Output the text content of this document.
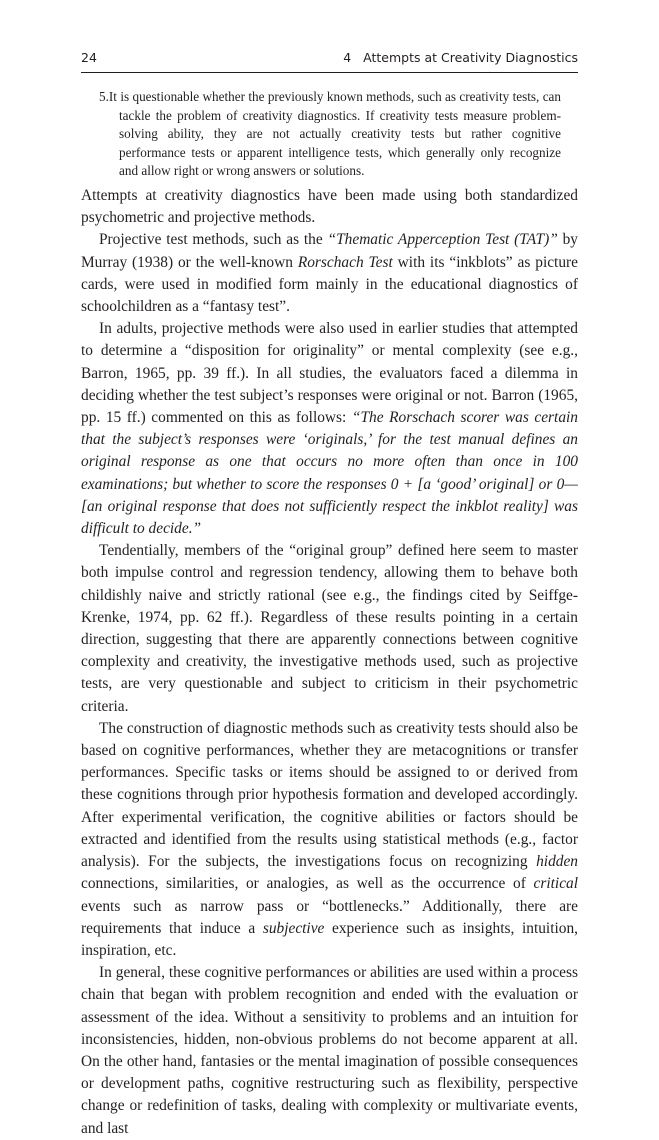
24	4   Attempts at Creativity Diagnostics
5.It is questionable whether the previously known methods, such as creativity tests, can tackle the problem of creativity diagnostics. If creativity tests measure problem-solving ability, they are not actually creativity tests but rather cognitive performance tests or apparent intelligence tests, which generally only recognize and allow right or wrong answers or solutions.

Attempts at creativity diagnostics have been made using both standardized psychometric and projective methods.

Projective test methods, such as the “Thematic Apperception Test (TAT)” by Murray (1938) or the well-known Rorschach Test with its “inkblots” as picture cards, were used in modified form mainly in the educational diagnostics of schoolchildren as a “fantasy test”.

In adults, projective methods were also used in earlier studies that attempted to determine a “disposition for originality” or mental complexity (see e.g., Barron, 1965, pp. 39 ff.). In all studies, the evaluators faced a dilemma in deciding whether the test subject’s responses were original or not. Barron (1965, pp. 15 ff.) commented on this as follows: “The Rorschach scorer was certain that the subject’s responses were ‘originals,’ for the test manual defines an original response as one that occurs no more often than once in 100 examinations; but whether to score the responses 0 + [a ‘good’ original] or 0—[an original response that does not sufficiently respect the inkblot reality] was difficult to decide.”

Tendentially, members of the “original group” defined here seem to master both impulse control and regression tendency, allowing them to behave both childishly naive and strictly rational (see e.g., the findings cited by Seiffge-Krenke, 1974, pp. 62 ff.). Regardless of these results pointing in a certain direction, suggesting that there are apparently connections between cognitive complexity and creativity, the investigative methods used, such as projective tests, are very questionable and subject to criticism in their psychometric criteria.

The construction of diagnostic methods such as creativity tests should also be based on cognitive performances, whether they are metacognitions or transfer performances. Specific tasks or items should be assigned to or derived from these cognitions through prior hypothesis formation and developed accordingly. After experimental verification, the cognitive abilities or factors should be extracted and identified from the results using statistical methods (e.g., factor analysis). For the subjects, the investigations focus on recognizing hidden connections, similarities, or analogies, as well as the occurrence of critical events such as narrow pass or “bottlenecks.” Additionally, there are requirements that induce a subjective experience such as insights, intuition, inspiration, etc.

In general, these cognitive performances or abilities are used within a process chain that began with problem recognition and ended with the evaluation or assessment of the idea. Without a sensitivity to problems and an intuition for inconsistencies, hidden, non-obvious problems do not become apparent at all. On the other hand, fantasies or the mental imagination of possible consequences or development paths, cognitive restructuring such as flexibility, perspective change or redefinition of tasks, dealing with complexity or multivariate events, and last
